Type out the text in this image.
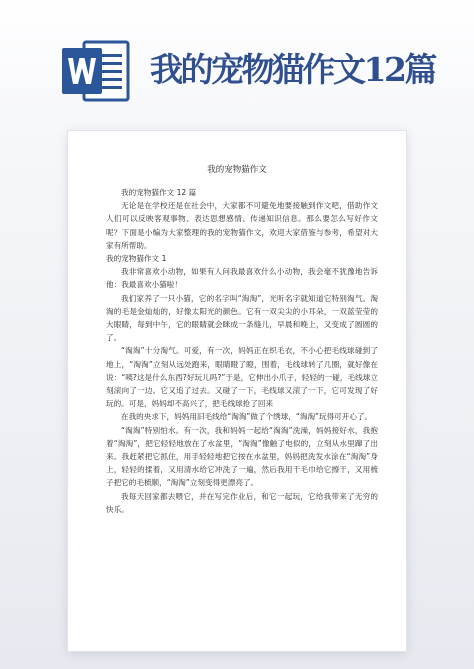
我的宠物猫作文12篇
我的宠物猫作文

我的宠物猫作文 12 篇

无论是在学校还是在社会中，大家都不可避免地要接触到作文吧，借助作文人们可以反映客观事物、表达思想感情、传递知识信息。那么要怎么写好作文呢？下面是小编为大家整理的我的宠物猫作文，欢迎大家借鉴与参考，希望对大家有所帮助。

我的宠物猫作文 1

我非常喜欢小动物，如果有人问我最喜欢什么小动物，我会毫不犹豫地告诉他：我最喜欢小猫啦！

我们家养了一只小猫，它的名字叫“淘淘”，光听名字就知道它特别淘气。淘淘的毛是金灿灿的，好像太阳光的颜色。它有一双尖尖的小耳朵，一双蓝莹莹的大眼睛，每到中午，它的眼睛就会眯成一条缝儿，早晨和晚上，又变成了圆圆的了。

“淘淘”十分淘气。可爱，有一次，妈妈正在织毛衣，不小心把毛线球碰到了地上，“淘淘”立刻从远处跑来，眼睛瞪了瞪，围着，毛线球转了几圈，就好像在说：“咦?这是什么东西?好玩儿吗?”于是，它伸出小爪子，轻轻的一碰，毛线球立刻滚向了一边。它又追了过去。又碰了一下，毛线球又滚了一下，它可发现了好玩的。可是，妈妈却不高兴了，把毛线球抢了回来

在我的央求下，妈妈用旧毛线给“淘淘”做了个绣球，“淘淘”玩得可开心了。

“淘淘”特别怕水。有一次，我和妈妈一起给“淘淘”洗澡，妈妈接好水，我抱着“淘淘”，把它轻轻地放在了水盆里，“淘淘”像触了电似的，立刻从水里蹿了出来。我赶紧把它抓住，用手轻轻地把它按在水盆里，妈妈把洗发水涂在“淘淘”身上，轻轻的揉着，又用清水给它冲洗了一遍，然后我用干毛巾给它擦干，又用梳子把它的毛梳顺，“淘淘”立刻变得更漂亮了。

我每天回家都去喂它，并在写完作业后，和它一起玩，它给我带来了无穷的快乐。
